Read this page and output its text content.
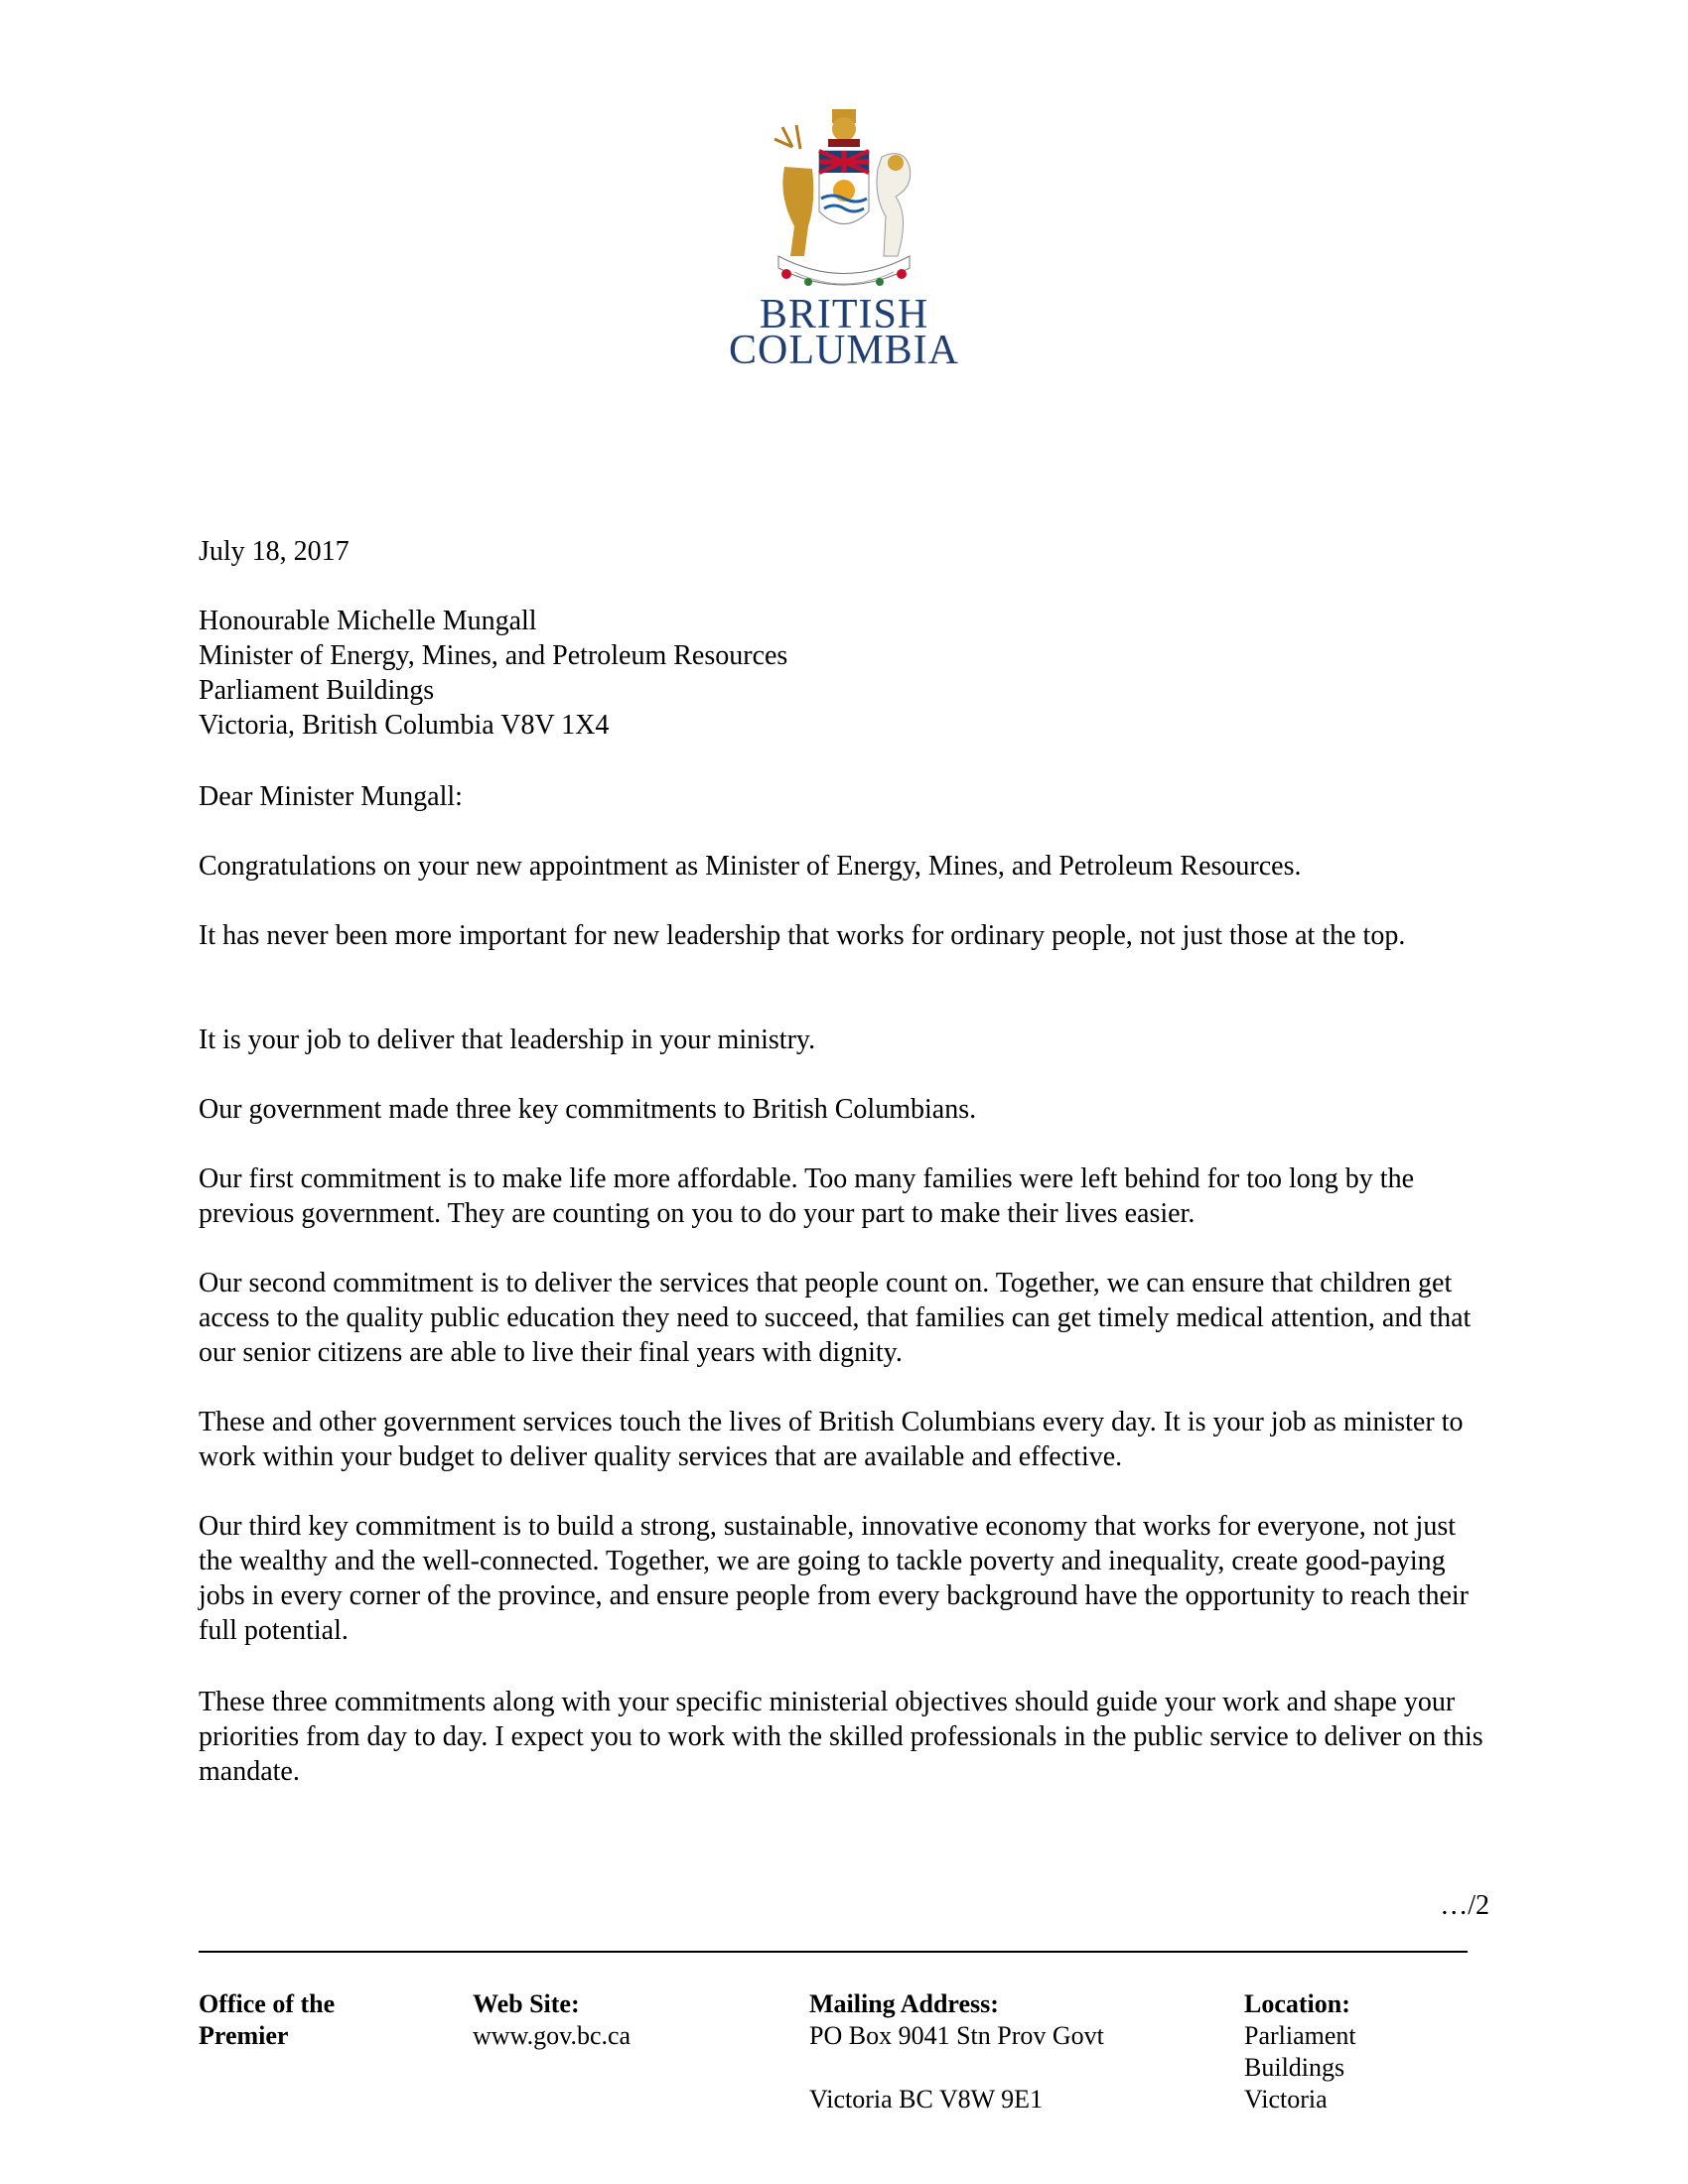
BRITISH
COLUMBIA
July 18, 2017

Honourable Michelle Mungall

Minister of Energy, Mines, and Petroleum Resources

Parliament Buildings

Victoria, British Columbia V8V 1X4

Dear Minister Mungall:
Congratulations on your new appointment as Minister of Energy, Mines, and Petroleum Resources.
It has never been more important for new leadership that works for ordinary people, not just those at the top.
It is your job to deliver that leadership in your ministry.
Our government made three key commitments to British Columbians.
Our first commitment is to make life more affordable. Too many families were left behind for too long by the previous government. They are counting on you to do your part to make their lives easier.
Our second commitment is to deliver the services that people count on. Together, we can ensure that children get access to the quality public education they need to succeed, that families can get timely medical attention, and that our senior citizens are able to live their final years with dignity.
These and other government services touch the lives of British Columbians every day. It is your job as minister to work within your budget to deliver quality services that are available and effective.
Our third key commitment is to build a strong, sustainable, innovative economy that works for everyone, not just the wealthy and the well-connected. Together, we are going to tackle poverty and inequality, create good-paying jobs in every corner of the province, and ensure people from every background have the opportunity to reach their full potential.
These three commitments along with your specific ministerial objectives should guide your work and shape your priorities from day to day. I expect you to work with the skilled professionals in the public service to deliver on this mandate.
…/2
Office of the
Premier
Web Site:
www.gov.bc.ca
Mailing Address:
PO Box 9041 Stn Prov Govt
Victoria BC V8W 9E1
Location:
Parliament
Buildings
Victoria
